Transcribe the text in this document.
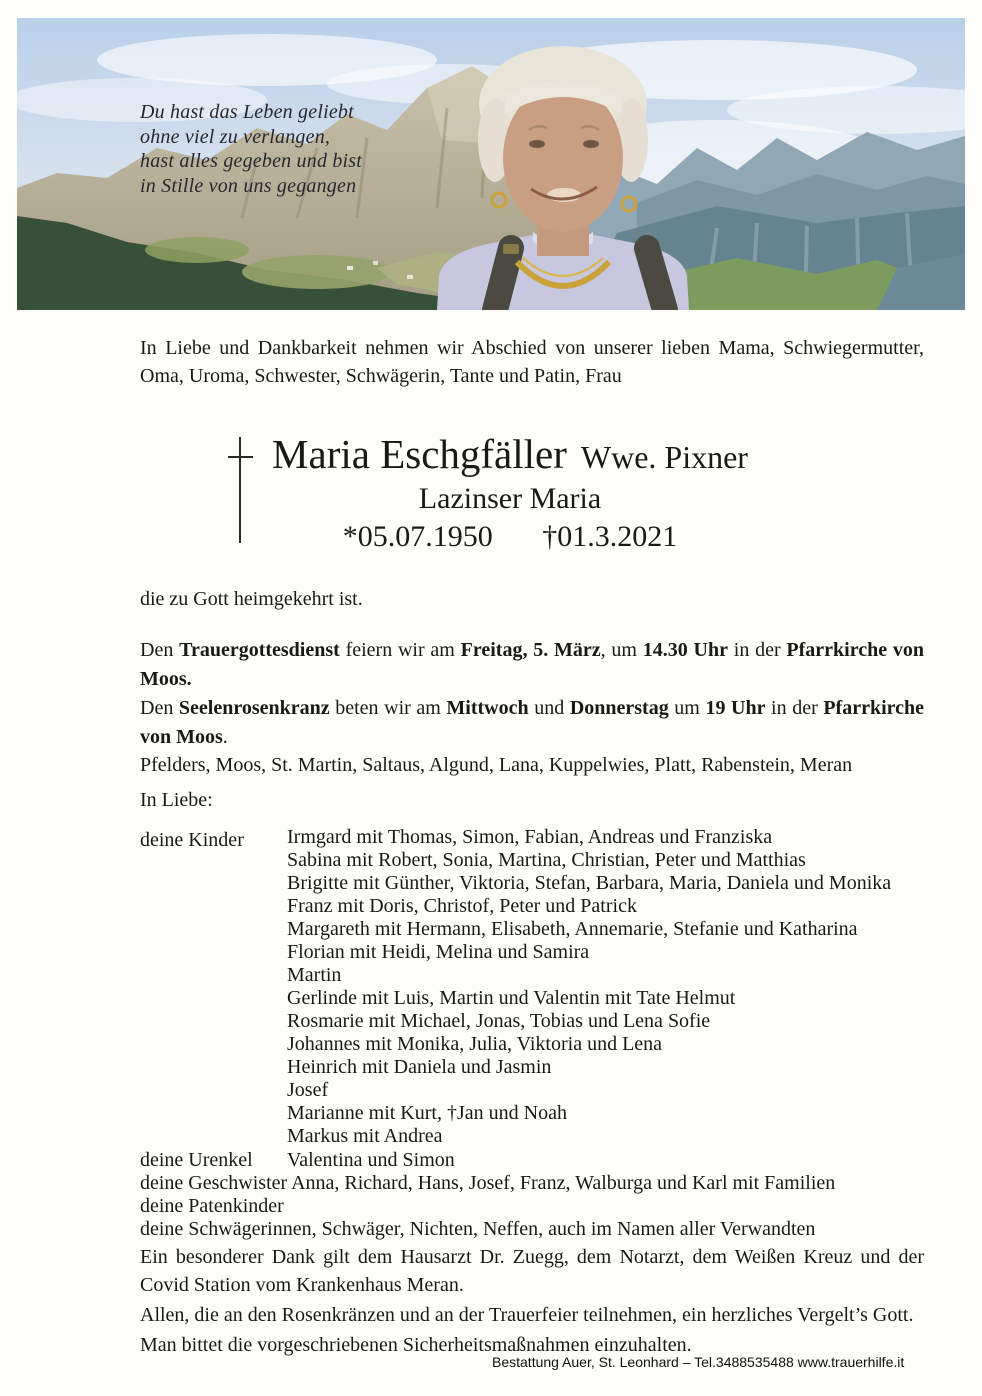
Du hast das Leben geliebt
ohne viel zu verlangen,
hast alles gegeben und bist
in Stille von uns gegangen
In Liebe und Dankbarkeit nehmen wir Abschied von unserer lieben Mama, Schwiegermutter, Oma, Uroma, Schwester, Schwägerin, Tante und Patin, Frau
Maria Eschgfäller Wwe. Pixner
Lazinser Maria
*05.07.1950 †01.3.2021
die zu Gott heimgekehrt ist.
Den Trauergottesdienst feiern wir am Freitag, 5. März, um 14.30 Uhr in der Pfarrkirche von Moos.
Den Seelenrosenkranz beten wir am Mittwoch und Donnerstag um 19 Uhr in der Pfarrkirche von Moos.
Pfelders, Moos, St. Martin, Saltaus, Algund, Lana, Kuppelwies, Platt, Rabenstein, Meran
In Liebe:
deine Kinder	Irmgard mit Thomas, Simon, Fabian, Andreas und Franziska
Sabina mit Robert, Sonia, Martina, Christian, Peter und Matthias
Brigitte mit Günther, Viktoria, Stefan, Barbara, Maria, Daniela und Monika
Franz mit Doris, Christof, Peter und Patrick
Margareth mit Hermann, Elisabeth, Annemarie, Stefanie und Katharina
Florian mit Heidi, Melina und Samira
Martin
Gerlinde mit Luis, Martin und Valentin mit Tate Helmut
Rosmarie mit Michael, Jonas, Tobias und Lena Sofie
Johannes mit Monika, Julia, Viktoria und Lena
Heinrich mit Daniela und Jasmin
Josef
Marianne mit Kurt, †Jan und Noah
Markus mit Andrea
deine Urenkel	Valentina und Simon
deine Geschwister Anna, Richard, Hans, Josef, Franz, Walburga und Karl mit Familien
deine Patenkinder
deine Schwägerinnen, Schwäger, Nichten, Neffen, auch im Namen aller Verwandten
Ein besonderer Dank gilt dem Hausarzt Dr. Zuegg, dem Notarzt, dem Weißen Kreuz und der Covid Station vom Krankenhaus Meran.
Allen, die an den Rosenkränzen und an der Trauerfeier teilnehmen, ein herzliches Vergelt’s Gott.
Man bittet die vorgeschriebenen Sicherheitsmaßnahmen einzuhalten.
Bestattung Auer, St. Leonhard – Tel.3488535488 www.trauerhilfe.it
